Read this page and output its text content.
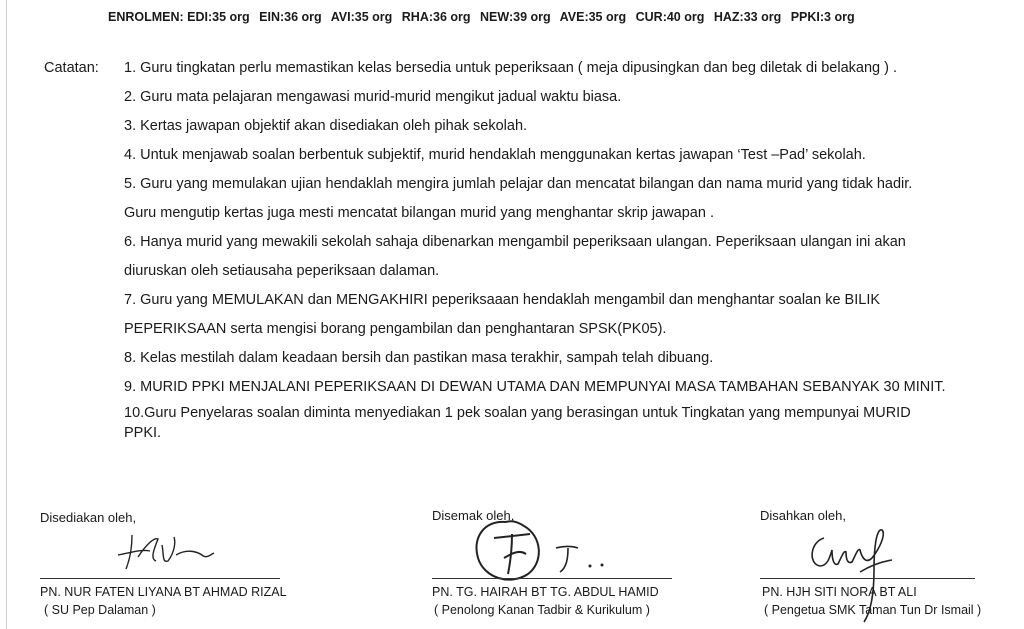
ENROLMEN: EDI:35 org EIN:36 org AVI:35 org RHA:36 org NEW:39 org AVE:35 org CUR:40 org HAZ:33 org PPKI:3 org
Catatan: 1. Guru tingkatan perlu memastikan kelas bersedia untuk peperiksaan ( meja dipusingkan dan beg diletak di belakang ) .
2. Guru mata pelajaran mengawasi murid-murid mengikut jadual waktu biasa.
3. Kertas jawapan objektif akan disediakan oleh pihak sekolah.
4. Untuk menjawab soalan berbentuk subjektif, murid hendaklah menggunakan kertas jawapan ‘Test –Pad’ sekolah.
5. Guru yang memulakan ujian hendaklah mengira jumlah pelajar dan mencatat bilangan dan nama murid yang tidak hadir.
Guru mengutip kertas juga mesti mencatat bilangan murid yang menghantar skrip jawapan .
6. Hanya murid yang mewakili sekolah sahaja dibenarkan mengambil peperiksaan ulangan. Peperiksaan ulangan ini akan
diuruskan oleh setiausaha peperiksaan dalaman.
7. Guru yang MEMULAKAN dan MENGAKHIRI peperiksaaan hendaklah mengambil dan menghantar soalan ke BILIK
PEPERIKSAAN serta mengisi borang pengambilan dan penghantaran SPSK(PK05).
8. Kelas mestilah dalam keadaan bersih dan pastikan masa terakhir, sampah telah dibuang.
9. MURID PPKI MENJALANI PEPERIKSAAN DI DEWAN UTAMA DAN MEMPUNYAI MASA TAMBAHAN SEBANYAK 30 MINIT.
10.Guru Penyelaras soalan diminta menyediakan 1 pek soalan yang berasingan untuk Tingkatan yang mempunyai MURID
PPKI.
Disediakan oleh,
PN. NUR FATEN LIYANA BT AHMAD RIZAL
( SU Pep Dalaman )
Disemak oleh,
PN. TG. HAIRAH BT TG. ABDUL HAMID
( Penolong Kanan Tadbir & Kurikulum )
Disahkan oleh,
PN. HJH SITI NORA BT ALI
( Pengetua SMK Taman Tun Dr Ismail )
